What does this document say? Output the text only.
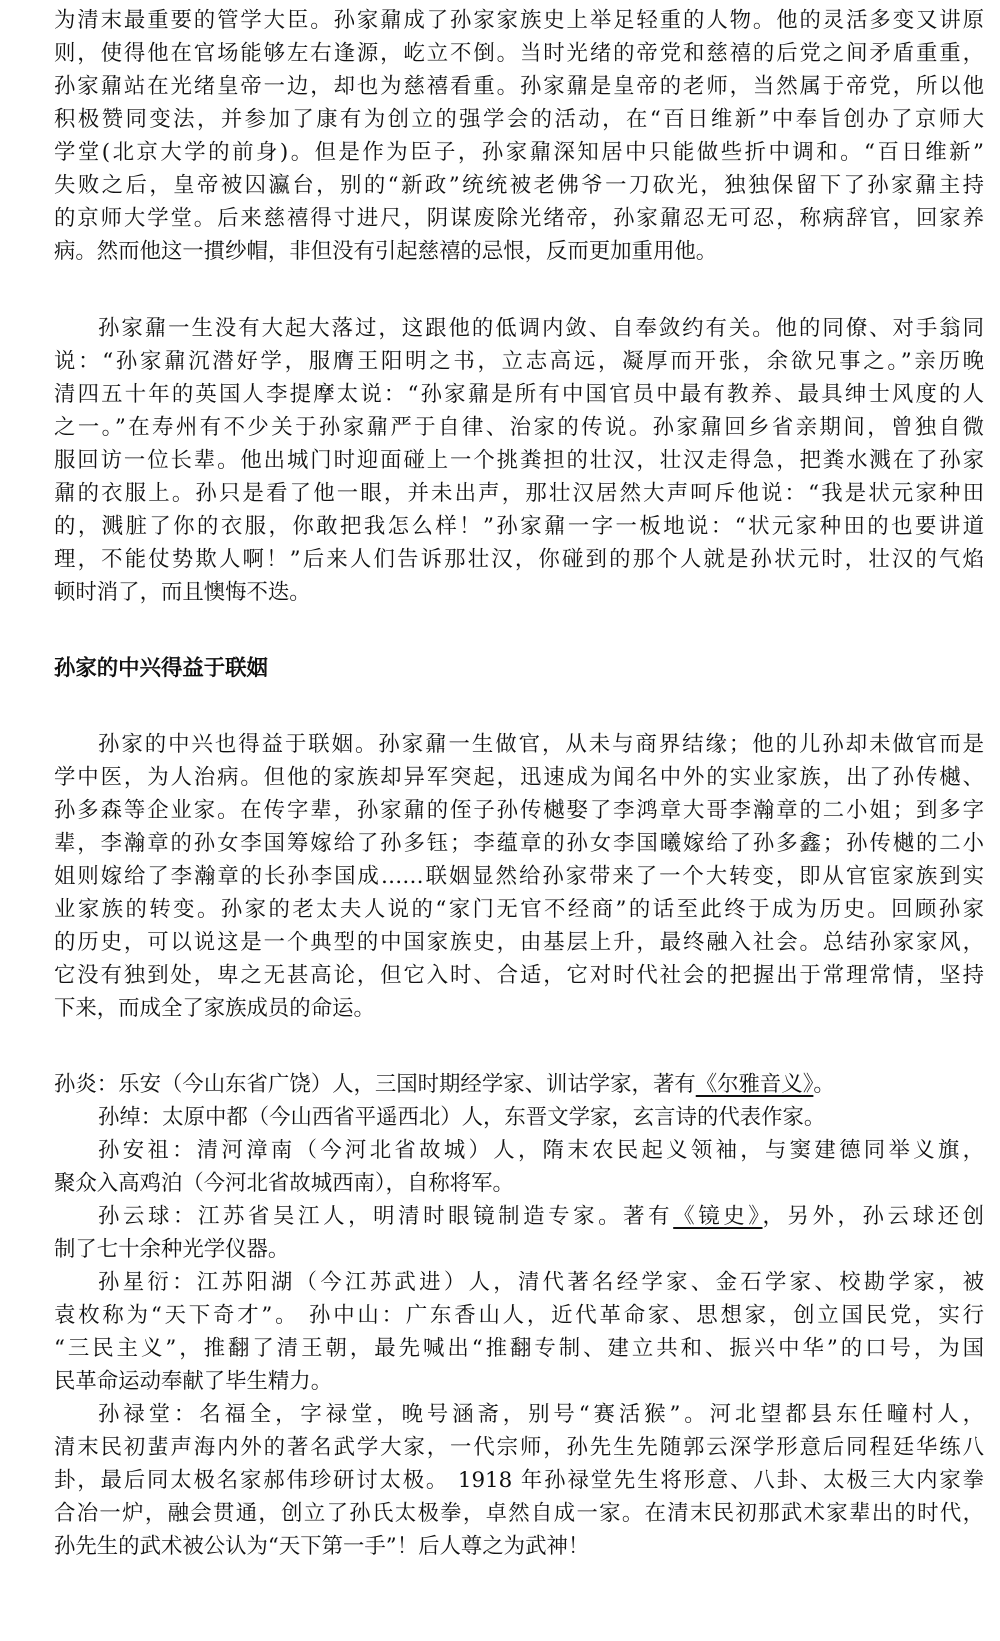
为清末最重要的管学大臣。孙家鼐成了孙家家族史上举足轻重的人物。他的灵活多变又讲原
则，使得他在官场能够左右逢源，屹立不倒。当时光绪的帝党和慈禧的后党之间矛盾重重，
孙家鼐站在光绪皇帝一边，却也为慈禧看重。孙家鼐是皇帝的老师，当然属于帝党，所以他
积极赞同变法，并参加了康有为创立的强学会的活动，在“百日维新”中奉旨创办了京师大
学堂(北京大学的前身)。但是作为臣子，孙家鼐深知居中只能做些折中调和。“百日维新”
失败之后，皇帝被囚瀛台，别的“新政”统统被老佛爷一刀砍光，独独保留下了孙家鼐主持
的京师大学堂。后来慈禧得寸进尺，阴谋废除光绪帝，孙家鼐忍无可忍，称病辞官，回家养
病。然而他这一摜纱帽，非但没有引起慈禧的忌恨，反而更加重用他。
孙家鼐一生没有大起大落过，这跟他的低调内敛、自奉敛约有关。他的同僚、对手翁同
说：“孙家鼐沉潜好学，服膺王阳明之书，立志高远，凝厚而开张，余欲兄事之。”亲历晚
清四五十年的英国人李提摩太说：“孙家鼐是所有中国官员中最有教养、最具绅士风度的人
之一。”在寿州有不少关于孙家鼐严于自律、治家的传说。孙家鼐回乡省亲期间，曾独自微
服回访一位长辈。他出城门时迎面碰上一个挑粪担的壮汉，壮汉走得急，把粪水溅在了孙家
鼐的衣服上。孙只是看了他一眼，并未出声，那壮汉居然大声呵斥他说：“我是状元家种田
的，溅脏了你的衣服，你敢把我怎么样！”孙家鼐一字一板地说：“状元家种田的也要讲道
理，不能仗势欺人啊！”后来人们告诉那壮汉，你碰到的那个人就是孙状元时，壮汉的气焰
顿时消了，而且懊悔不迭。
孙家的中兴得益于联姻
孙家的中兴也得益于联姻。孙家鼐一生做官，从未与商界结缘；他的儿孙却未做官而是
学中医，为人治病。但他的家族却异军突起，迅速成为闻名中外的实业家族，出了孙传樾、
孙多森等企业家。在传字辈，孙家鼐的侄子孙传樾娶了李鸿章大哥李瀚章的二小姐；到多字
辈，李瀚章的孙女李国筹嫁给了孙多钰；李蕴章的孙女李国曦嫁给了孙多鑫；孙传樾的二小
姐则嫁给了李瀚章的长孙李国成……联姻显然给孙家带来了一个大转变，即从官宦家族到实
业家族的转变。孙家的老太夫人说的“家门无官不经商”的话至此终于成为历史。回顾孙家
的历史，可以说这是一个典型的中国家族史，由基层上升，最终融入社会。总结孙家家风，
它没有独到处，卑之无甚高论，但它入时、合适，它对时代社会的把握出于常理常情，坚持
下来，而成全了家族成员的命运。
孙炎：乐安（今山东省广饶）人，三国时期经学家、训诂学家，著有《尔雅音义》。
孙绰：太原中都（今山西省平遥西北）人，东晋文学家，玄言诗的代表作家。
孙安祖：清河漳南（今河北省故城）人，隋末农民起义领袖，与窦建德同举义旗，
聚众入高鸡泊（今河北省故城西南），自称将军。
孙云球：江苏省吴江人，明清时眼镜制造专家。著有《镜史》，另外，孙云球还创
制了七十余种光学仪器。
孙星衍：江苏阳湖（今江苏武进）人，清代著名经学家、金石学家、校勘学家，被
袁枚称为“天下奇才”。 孙中山：广东香山人，近代革命家、思想家，创立国民党，实行
“三民主义”，推翻了清王朝，最先喊出“推翻专制、建立共和、振兴中华”的口号，为国
民革命运动奉献了毕生精力。
孙禄堂：名福全，字禄堂，晚号涵斋，别号“赛活猴”。河北望都县东任疃村人，
清末民初蜚声海内外的著名武学大家，一代宗师，孙先生先随郭云深学形意后同程廷华练八
卦，最后同太极名家郝伟珍研讨太极。 1918 年孙禄堂先生将形意、八卦、太极三大内家拳
合冶一炉，融会贯通，创立了孙氏太极拳，卓然自成一家。在清末民初那武术家辈出的时代，
孙先生的武术被公认为“天下第一手”！后人尊之为武神！
